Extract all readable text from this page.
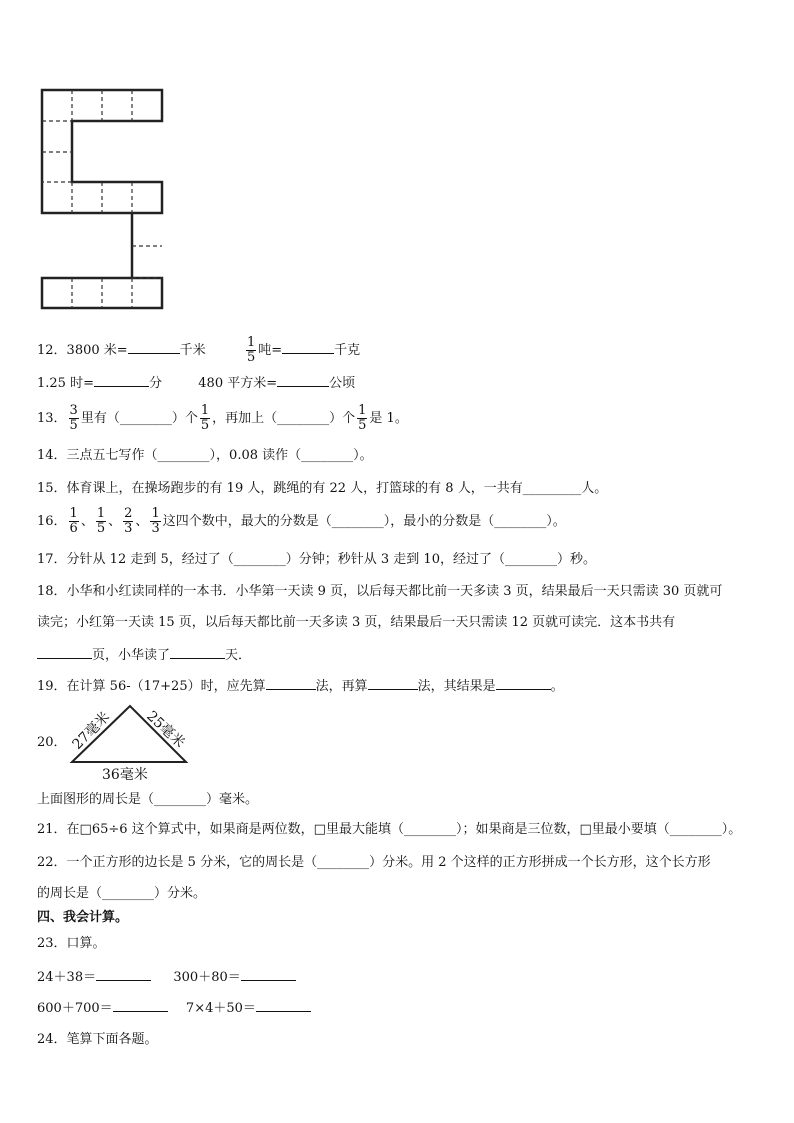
12．3800 米=	千米	$\frac{1}{5}$ 吨=	千克
1.25 时=	分	480 平方米=	公顷
13． $\frac{3}{5}$ 里有（________）个 $\frac{1}{5}$ ，再加上（________）个 $\frac{1}{5}$ 是 1。
14．三点五七写作（________），0.08 读作（________）。
15．体育课上，在操场跑步的有 19 人，跳绳的有 22 人，打篮球的有 8 人，一共有_________人。
16． $\frac{1}{6}$ 、 $\frac{1}{5}$ 、 $\frac{2}{3}$ 、 $\frac{1}{3}$ 这四个数中，最大的分数是（________），最小的分数是（________）。
17．分针从 12 走到 5，经过了（________）分钟；秒针从 3 走到 10，经过了（________）秒。
18．小华和小红读同样的一本书．小华第一天读 9 页，以后每天都比前一天多读 3 页，结果最后一天只需读 30 页就可
读完；小红第一天读 15 页，以后每天都比前一天多读 3 页，结果最后一天只需读 12 页就可读完．这本书共有
页，小华读了	天．
19．在计算 56-（17+25）时，应先算	法，再算	法，其结果是	。
20． 27毫米 25毫米
36毫米
上面图形的周长是（________）毫米。
21．在□65÷6 这个算式中，如果商是两位数，□里最大能填（________）；如果商是三位数，□里最小要填（________）。
22．一个正方形的边长是 5 分米，它的周长是（________）分米。用 2 个这样的正方形拼成一个长方形，这个长方形
的周长是（________）分米。
四、我会计算。
23．口算。
24＋38＝	300＋80＝
600＋700＝	7×4＋50＝
24．笔算下面各题。
